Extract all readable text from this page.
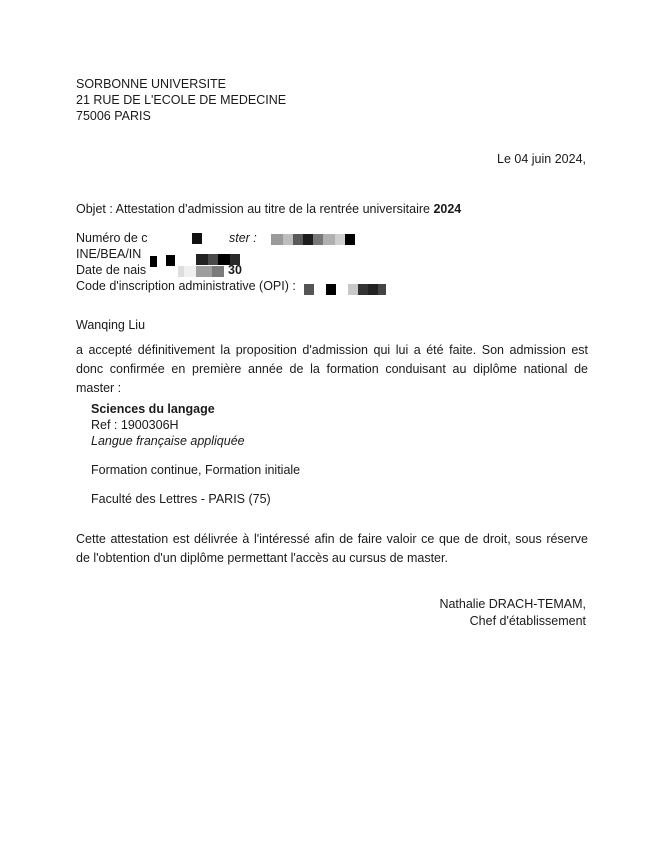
SORBONNE UNIVERSITE
21 RUE DE L'ECOLE DE MEDECINE
75006 PARIS
Le 04 juin 2024,
Objet : Attestation d'admission au titre de la rentrée universitaire 2024
Numéro de c	ster :
INE/BEA/IN
Date de nais	30
Code d'inscription administrative (OPI) :
Wanqing Liu
a accepté définitivement la proposition d'admission qui lui a été faite. Son admission est donc confirmée en première année de la formation conduisant au diplôme national de master :
Sciences du langage
Ref : 1900306H
Langue française appliquée
Formation continue, Formation initiale
Faculté des Lettres - PARIS (75)
Cette attestation est délivrée à l'intéressé afin de faire valoir ce que de droit, sous réserve de l'obtention d'un diplôme permettant l'accès au cursus de master.
Nathalie DRACH-TEMAM,
Chef d'établissement
